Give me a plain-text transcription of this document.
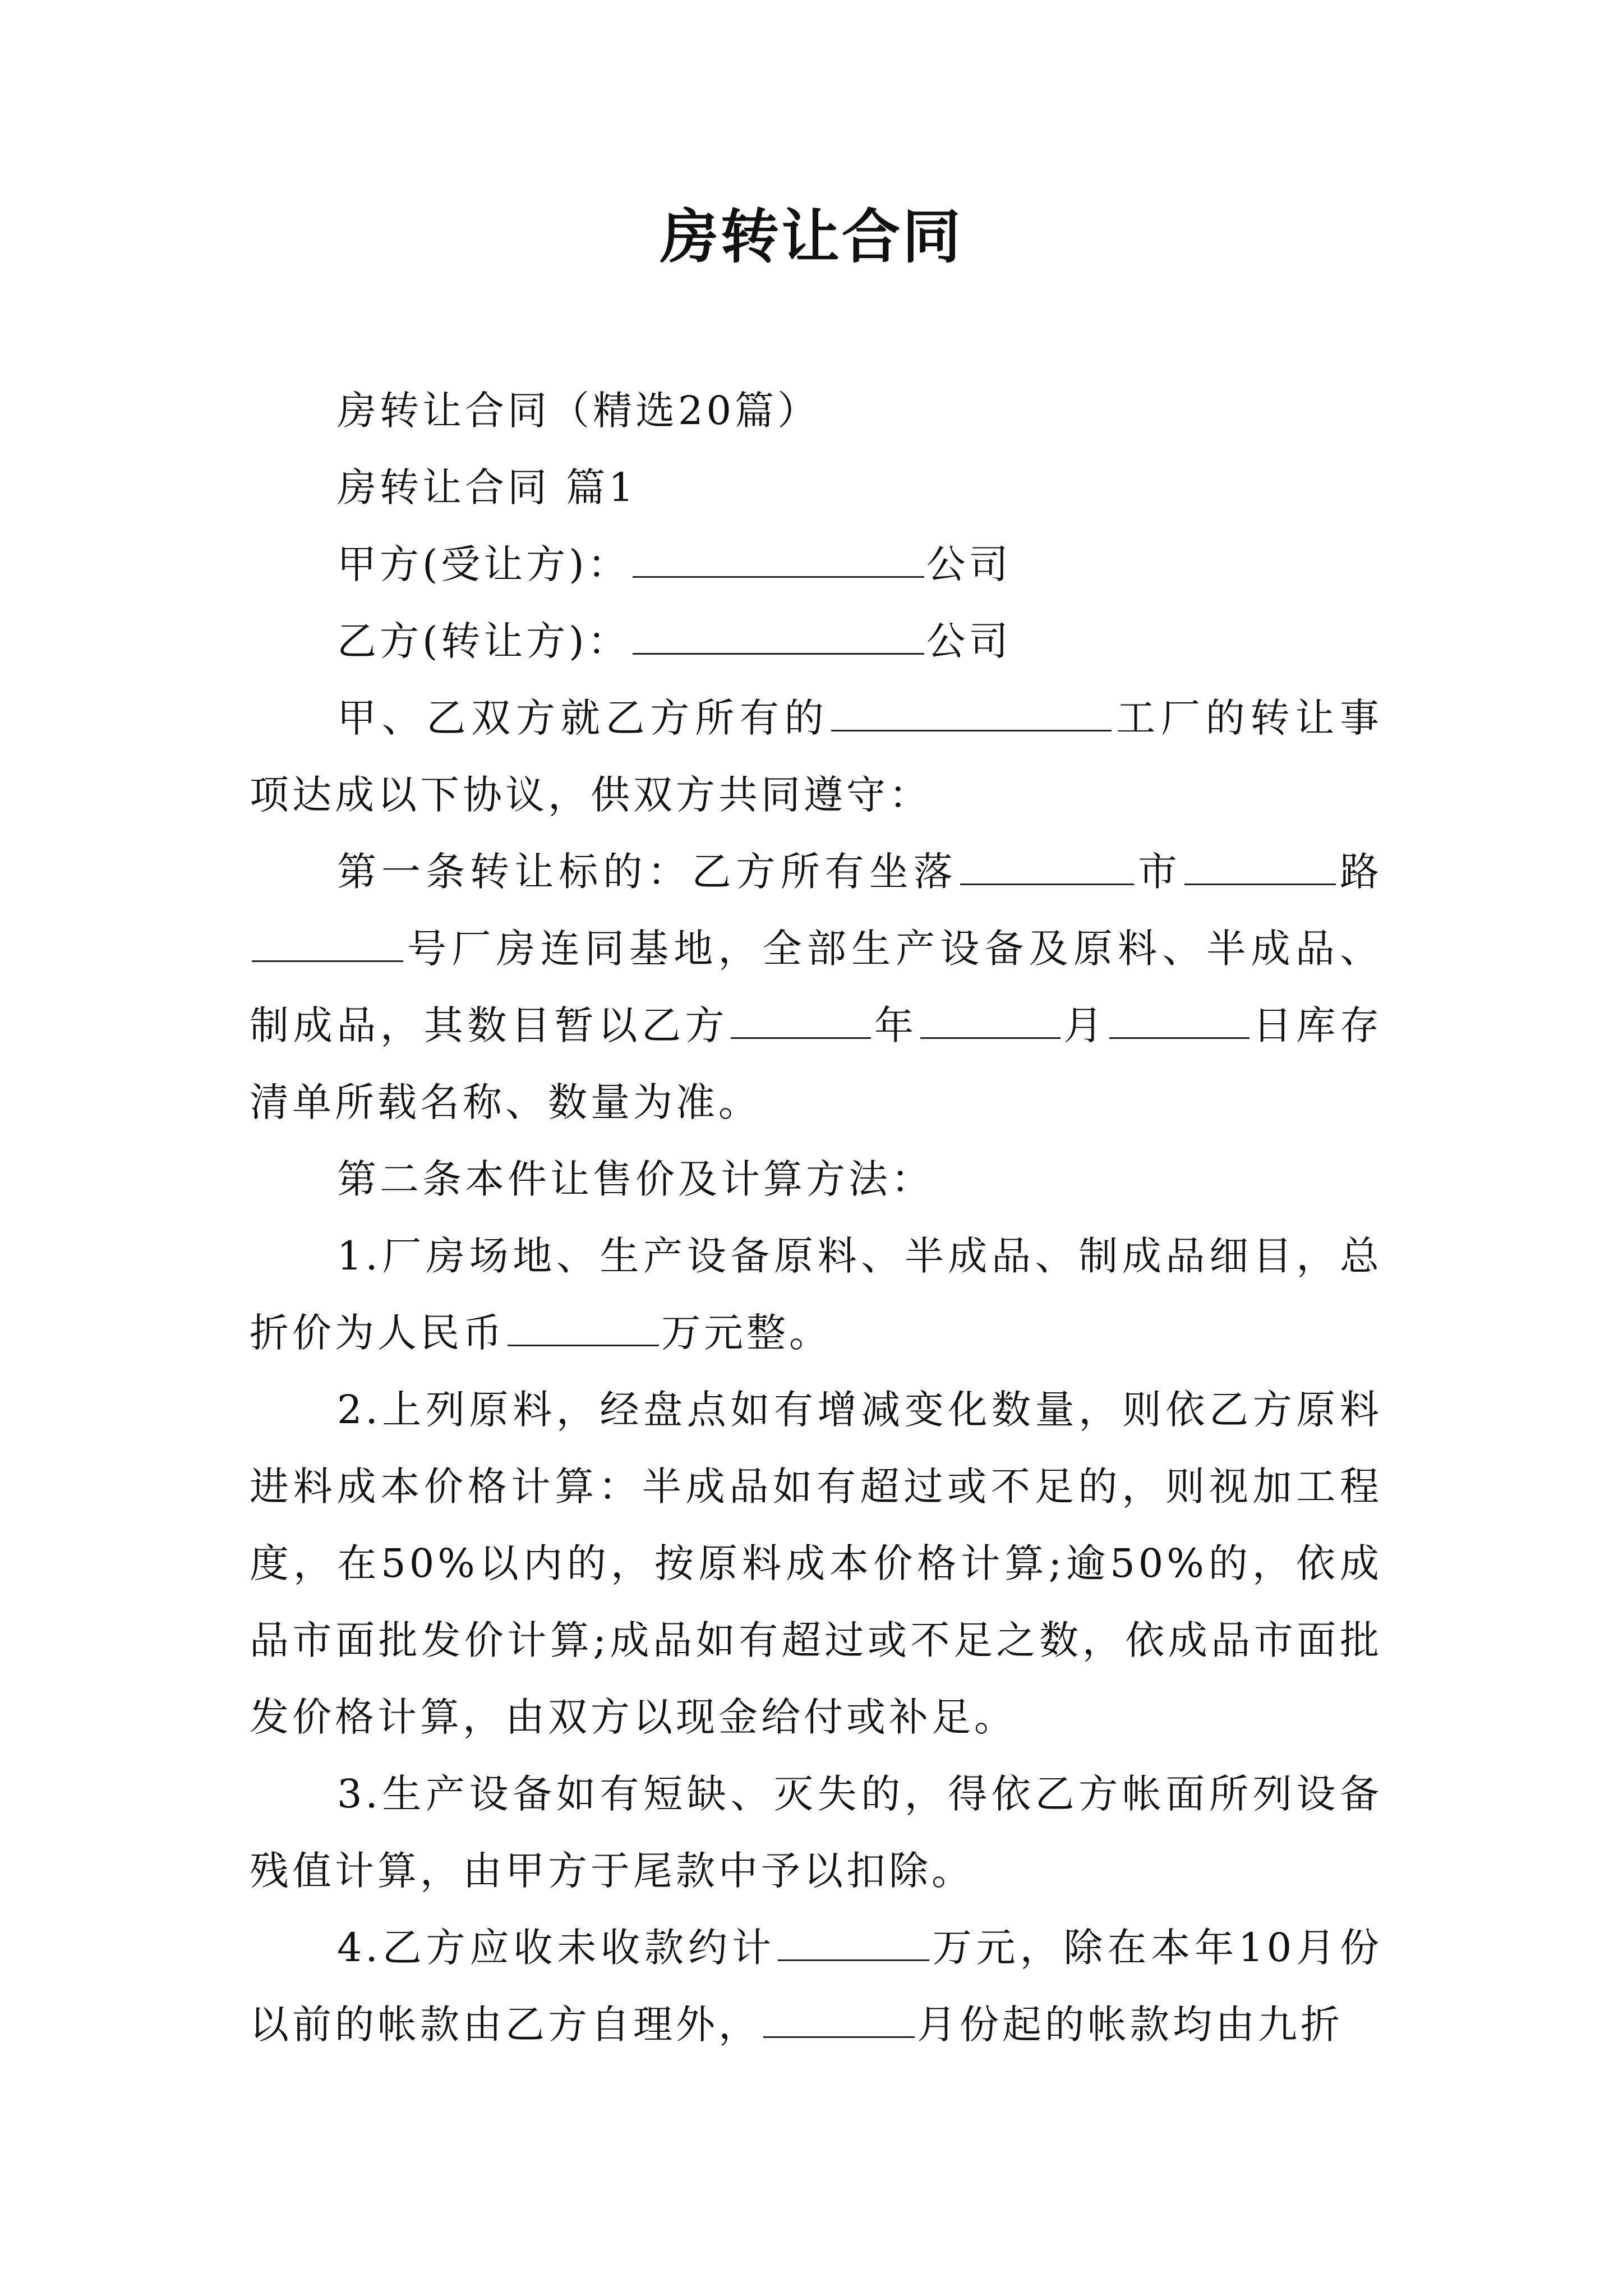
房转让合同

房转让合同（精选20篇）

房转让合同 篇1

甲方(受让方)：	公司

乙方(转让方)：	公司

甲、乙双方就乙方所有的	工厂的转让事项达成以下协议，供双方共同遵守：

第一条转让标的：乙方所有坐落	市	路号厂房连同基地，全部生产设备及原料、半成品、制成品，其数目暂以乙方	年	月	日库存清单所载名称、数量为准。

第二条本件让售价及计算方法：

1.厂房场地、生产设备原料、半成品、制成品细目，总折价为人民币	万元整。

2.上列原料，经盘点如有增减变化数量，则依乙方原料进料成本价格计算：半成品如有超过或不足的，则视加工程度，在50%以内的，按原料成本价格计算;逾50%的，依成品市面批发价计算;成品如有超过或不足之数，依成品市面批发价格计算，由双方以现金给付或补足。

3.生产设备如有短缺、灭失的，得依乙方帐面所列设备残值计算，由甲方于尾款中予以扣除。

4.乙方应收未收款约计	万元，除在本年10月份以前的帐款由乙方自理外，	月份起的帐款均由九折
